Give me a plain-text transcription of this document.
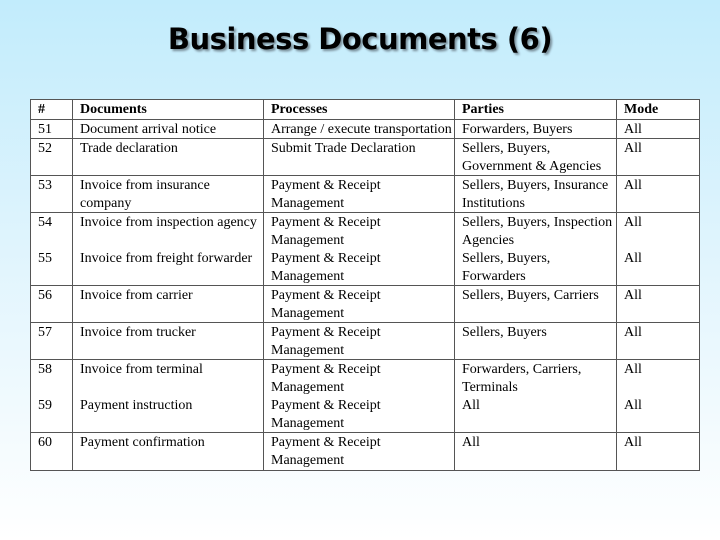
Business Documents (6)
#	Documents	Processes	Parties	Mode
51	Document arrival notice	Arrange / execute transportation	Forwarders, Buyers	All
52	Trade declaration	Submit Trade Declaration	Sellers, Buyers, Government & Agencies	All
53	Invoice from insurance company	Payment & Receipt Management	Sellers, Buyers, Insurance Institutions	All
54	Invoice from inspection agency	Payment & Receipt Management	Sellers, Buyers, Inspection Agencies	All
55	Invoice from freight forwarder	Payment & Receipt Management	Sellers, Buyers, Forwarders	All
56	Invoice from carrier	Payment & Receipt Management	Sellers, Buyers, Carriers	All
57	Invoice from trucker	Payment & Receipt Management	Sellers, Buyers	All
58	Invoice from terminal	Payment & Receipt Management	Forwarders, Carriers, Terminals	All
59	Payment instruction	Payment & Receipt Management	All	All
60	Payment confirmation	Payment & Receipt Management	All	All
